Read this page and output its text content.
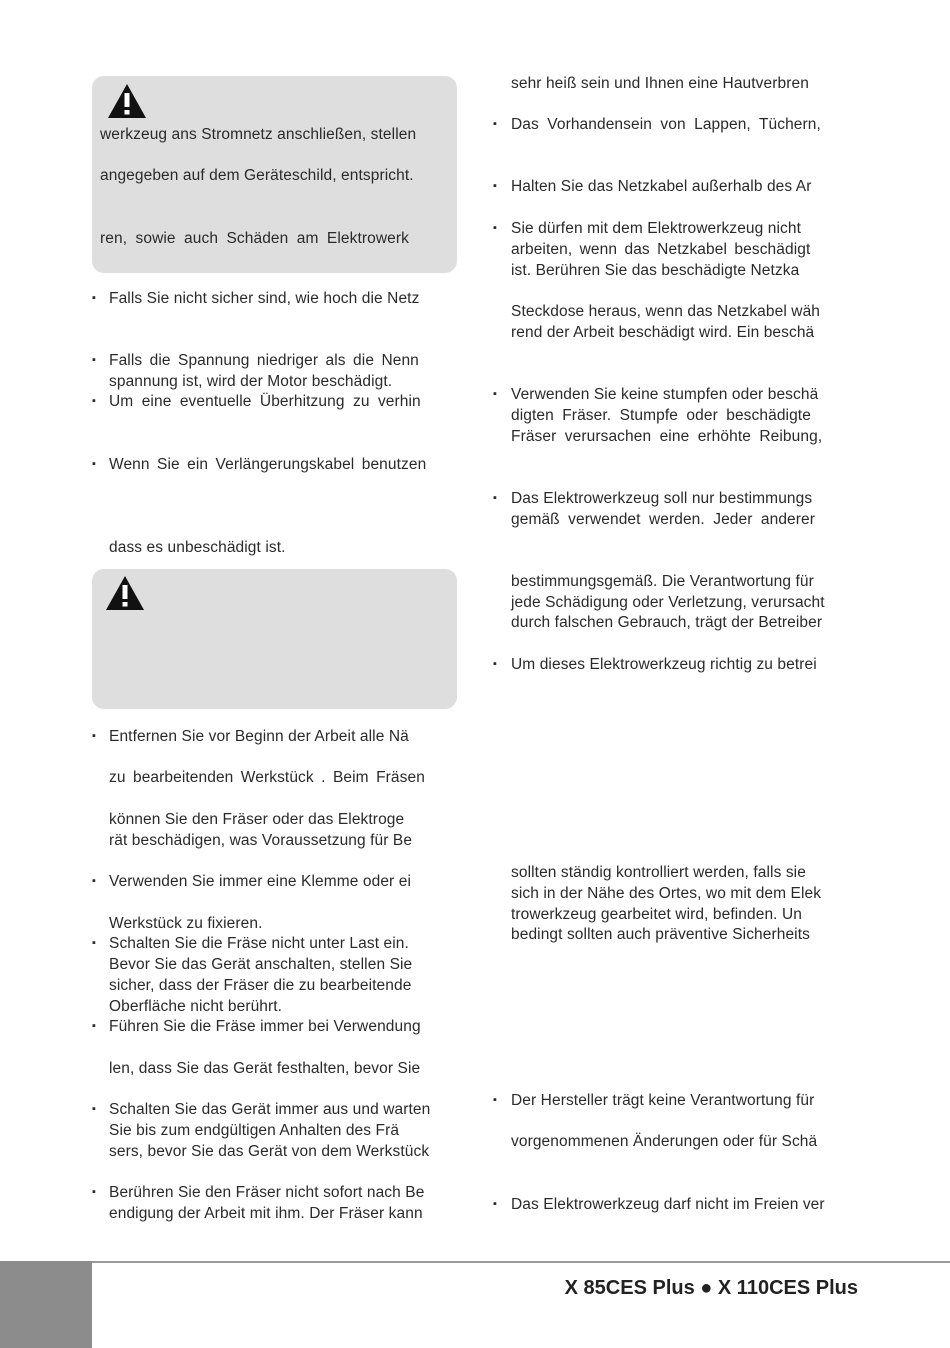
werkzeug ans Stromnetz anschließen, stellen
angegeben auf dem Geräteschild, entspricht.
ren, sowie auch Schäden am Elektrowerk
▪ Falls Sie nicht sicher sind, wie hoch die Netz
▪ Falls die Spannung niedriger als die Nenn
spannung ist, wird der Motor beschädigt.
▪ Um eine eventuelle Überhitzung zu verhin
▪ Wenn Sie ein Verlängerungskabel benutzen
dass es unbeschädigt ist.
▪ Entfernen Sie vor Beginn der Arbeit alle Nä
zu bearbeitenden Werkstück . Beim Fräsen
können Sie den Fräser oder das Elektroge
rät beschädigen, was Voraussetzung für Be
▪ Verwenden Sie immer eine Klemme oder ei
Werkstück zu fixieren.
▪ Schalten Sie die Fräse nicht unter Last ein.
Bevor Sie das Gerät anschalten, stellen Sie
sicher, dass der Fräser die zu bearbeitende
Oberfläche nicht berührt.
▪ Führen Sie die Fräse immer bei Verwendung
len, dass Sie das Gerät festhalten, bevor Sie
▪ Schalten Sie das Gerät immer aus und warten
Sie bis zum endgültigen Anhalten des Frä
sers, bevor Sie das Gerät von dem Werkstück
▪ Berühren Sie den Fräser nicht sofort nach Be
endigung der Arbeit mit ihm. Der Fräser kann
sehr heiß sein und Ihnen eine Hautverbren
▪ Das Vorhandensein von Lappen, Tüchern,
▪ Halten Sie das Netzkabel außerhalb des Ar
▪ Sie dürfen mit dem Elektrowerkzeug nicht
arbeiten, wenn das Netzkabel beschädigt
ist. Berühren Sie das beschädigte Netzka
Steckdose heraus, wenn das Netzkabel wäh
rend der Arbeit beschädigt wird. Ein beschä
▪ Verwenden Sie keine stumpfen oder beschä
digten Fräser. Stumpfe oder beschädigte
Fräser verursachen eine erhöhte Reibung,
▪ Das Elektrowerkzeug soll nur bestimmungs
gemäß verwendet werden. Jeder anderer
bestimmungsgemäß. Die Verantwortung für
jede Schädigung oder Verletzung, verursacht
durch falschen Gebrauch, trägt der Betreiber
▪ Um dieses Elektrowerkzeug richtig zu betrei
sollten ständig kontrolliert werden, falls sie
sich in der Nähe des Ortes, wo mit dem Elek
trowerkzeug gearbeitet wird, befinden. Un
bedingt sollten auch präventive Sicherheits
▪ Der Hersteller trägt keine Verantwortung für
vorgenommenen Änderungen oder für Schä
▪ Das Elektrowerkzeug darf nicht im Freien ver
X 85CES Plus ● X 110CES Plus
